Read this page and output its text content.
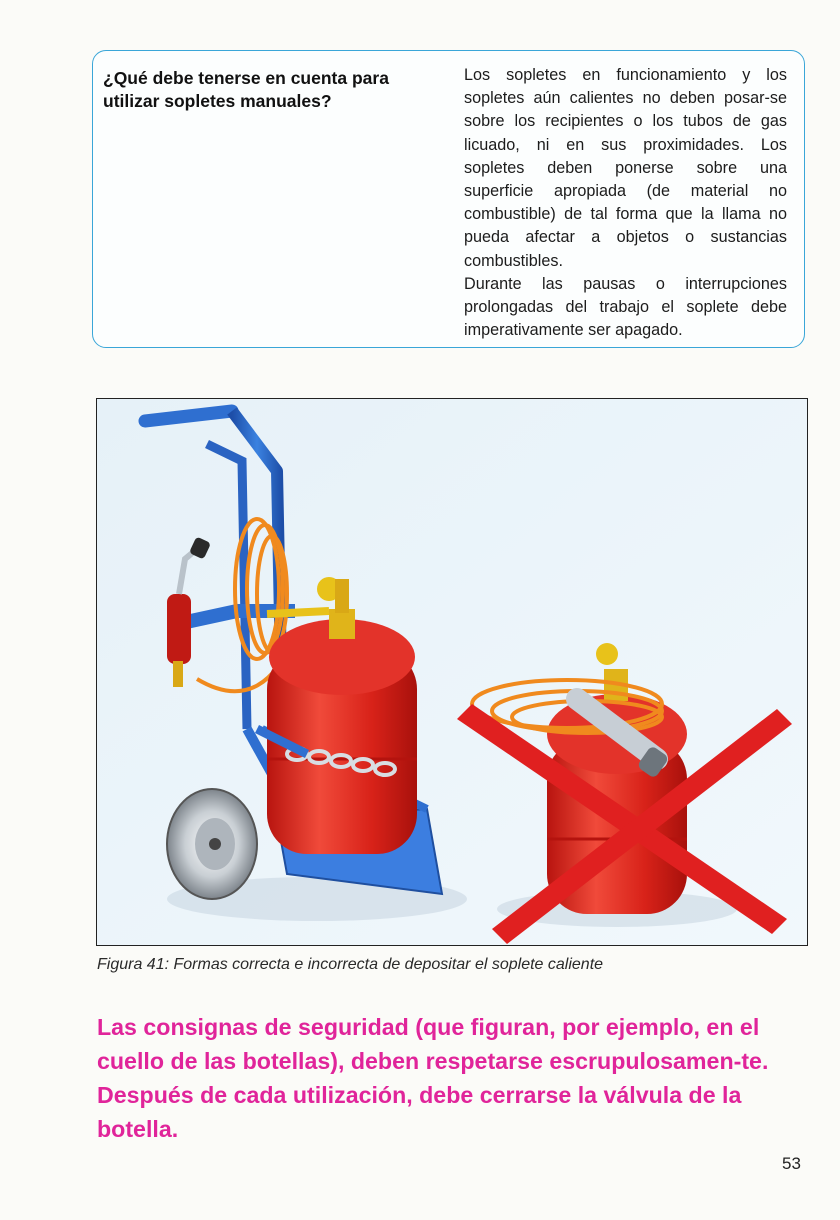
¿Qué debe tenerse en cuenta para utilizar sopletes manuales?

Los sopletes en funcionamiento y los sopletes aún calientes no deben posar-se sobre los recipientes o los tubos de gas licuado, ni en sus proximidades. Los sopletes deben ponerse sobre una superficie apropiada (de material no combustible) de tal forma que la llama no pueda afectar a objetos o sustancias combustibles.

Durante las pausas o interrupciones prolongadas del trabajo el soplete debe imperativamente ser apagado.

Figura 41: Formas correcta e incorrecta de depositar el soplete caliente
Las consignas de seguridad (que figuran, por ejemplo, en el cuello de las botellas), deben respetarse escrupulosamen-te. Después de cada utilización, debe cerrarse la válvula de la botella.
53
